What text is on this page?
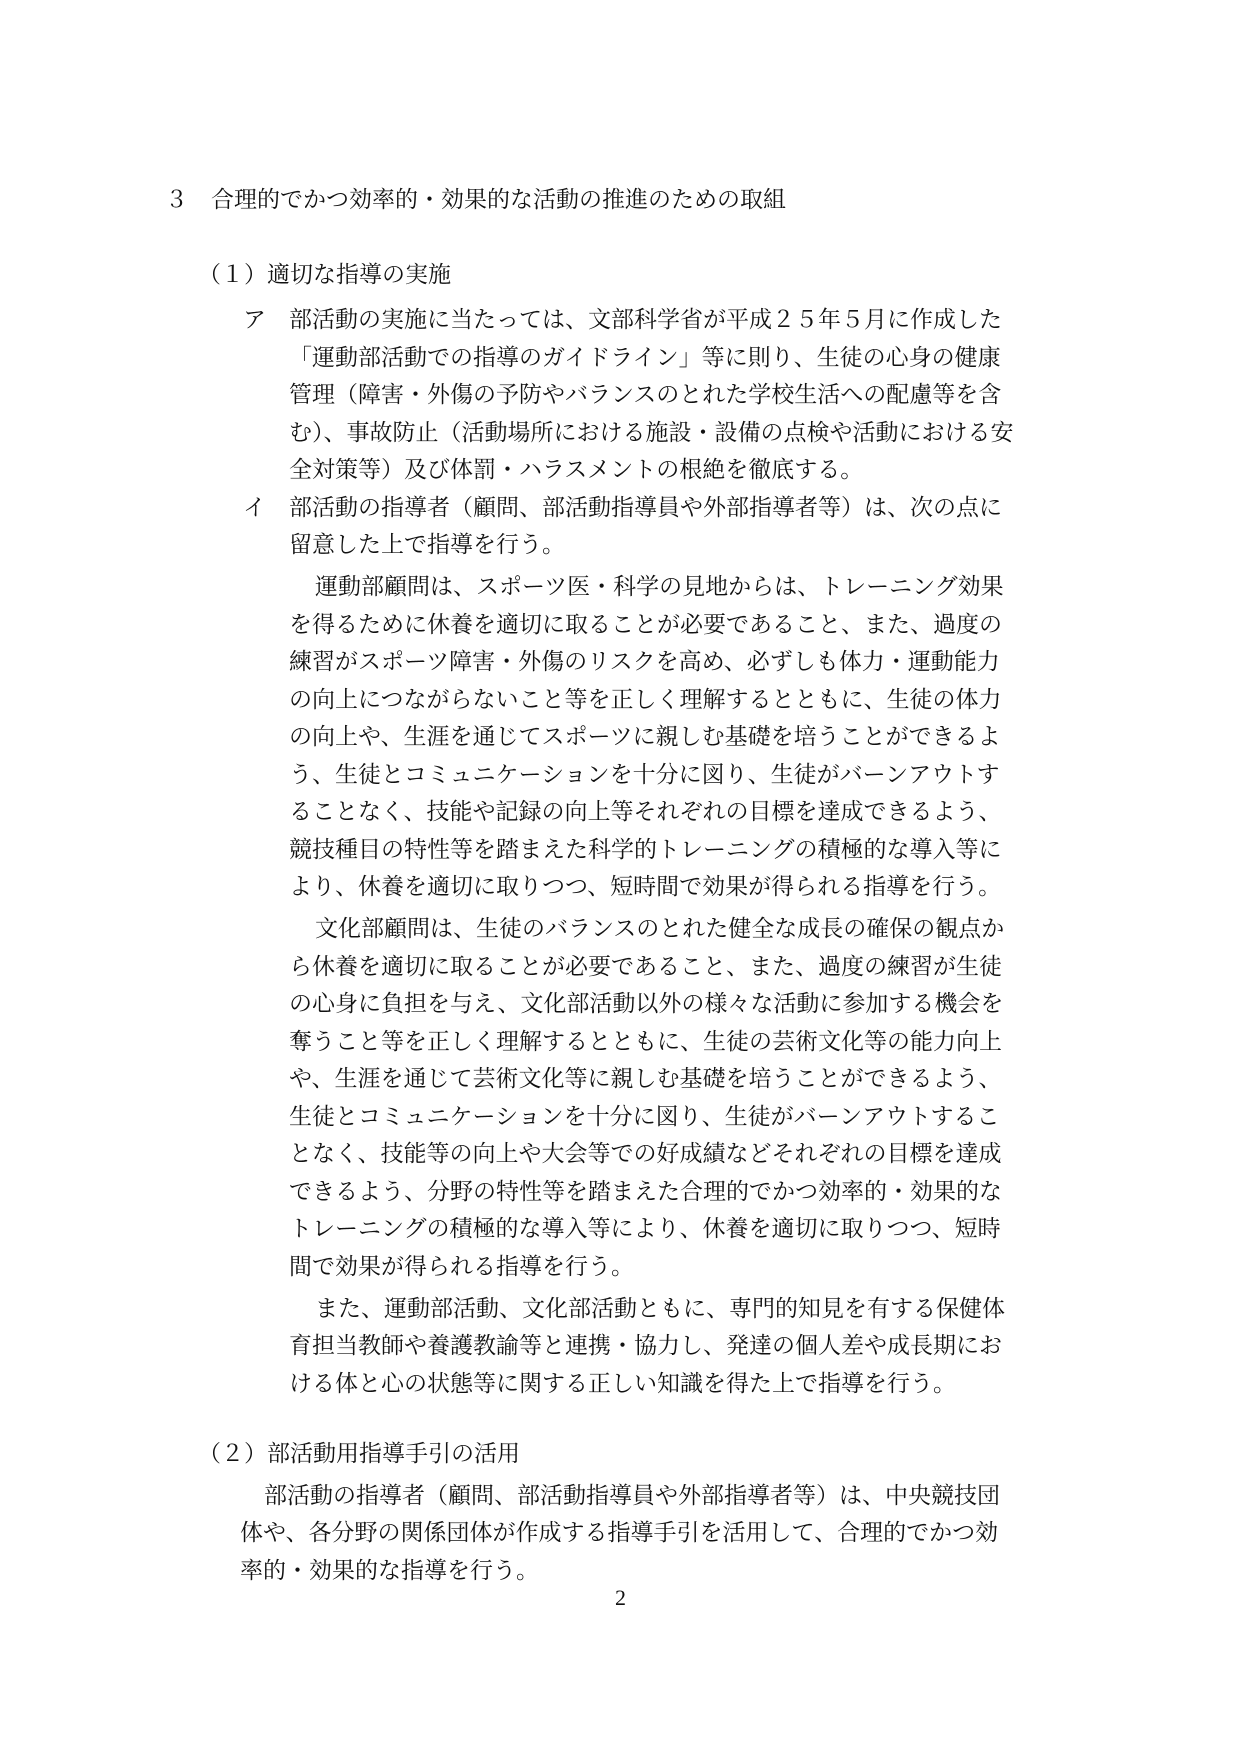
３　合理的でかつ効率的・効果的な活動の推進のための取組
（１）適切な指導の実施
ア 部活動の実施に当たっては、文部科学省が平成２５年５月に作成した
「運動部活動での指導のガイドライン」等に則り、生徒の心身の健康
管理（障害・外傷の予防やバランスのとれた学校生活への配慮等を含
む）、事故防止（活動場所における施設・設備の点検や活動における安
全対策等）及び体罰・ハラスメントの根絶を徹底する。
イ 部活動の指導者（顧問、部活動指導員や外部指導者等）は、次の点に
留意した上で指導を行う。
運動部顧問は、スポーツ医・科学の見地からは、トレーニング効果
を得るために休養を適切に取ることが必要であること、また、過度の
練習がスポーツ障害・外傷のリスクを高め、必ずしも体力・運動能力
の向上につながらないこと等を正しく理解するとともに、生徒の体力
の向上や、生涯を通じてスポーツに親しむ基礎を培うことができるよ
う、生徒とコミュニケーションを十分に図り、生徒がバーンアウトす
ることなく、技能や記録の向上等それぞれの目標を達成できるよう、
競技種目の特性等を踏まえた科学的トレーニングの積極的な導入等に
より、休養を適切に取りつつ、短時間で効果が得られる指導を行う。
文化部顧問は、生徒のバランスのとれた健全な成長の確保の観点か
ら休養を適切に取ることが必要であること、また、過度の練習が生徒
の心身に負担を与え、文化部活動以外の様々な活動に参加する機会を
奪うこと等を正しく理解するとともに、生徒の芸術文化等の能力向上
や、生涯を通じて芸術文化等に親しむ基礎を培うことができるよう、
生徒とコミュニケーションを十分に図り、生徒がバーンアウトするこ
となく、技能等の向上や大会等での好成績などそれぞれの目標を達成
できるよう、分野の特性等を踏まえた合理的でかつ効率的・効果的な
トレーニングの積極的な導入等により、休養を適切に取りつつ、短時
間で効果が得られる指導を行う。
また、運動部活動、文化部活動ともに、専門的知見を有する保健体
育担当教師や養護教諭等と連携・協力し、発達の個人差や成長期にお
ける体と心の状態等に関する正しい知識を得た上で指導を行う。
（２）部活動用指導手引の活用
部活動の指導者（顧問、部活動指導員や外部指導者等）は、中央競技団
体や、各分野の関係団体が作成する指導手引を活用して、合理的でかつ効
率的・効果的な指導を行う。
2
